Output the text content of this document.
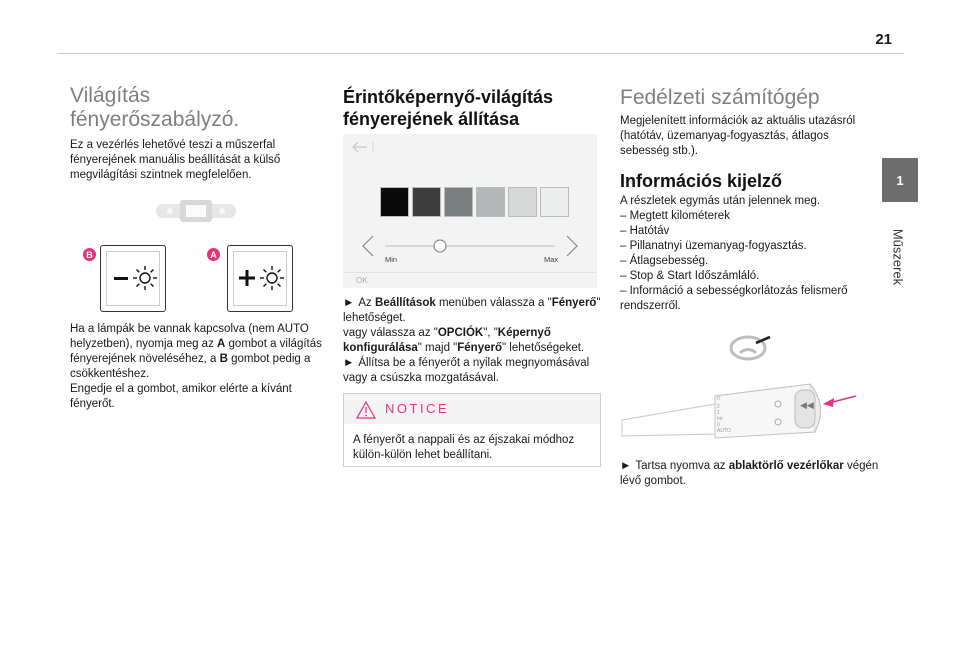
21
1
Műszerek
Világítás
fényerőszabályzó.

Ez a vezérlés lehetővé teszi a műszerfal fényerejének manuális beállítását a külső megvilágítási szintnek megfelelően.

B	A

Ha a lámpák be vannak kapcsolva (nem AUTO helyzetben), nyomja meg az A gombot a világítás fényerejének növeléséhez, a B gombot pedig a csökkentéshez.
Engedje el a gombot, amikor elérte a kívánt fényerőt.

Érintőképernyő-világítás
fényerejének állítása
Min	Max
OK

► Az Beállítások menüben válassza a "Fényerő" lehetőséget.
vagy válassza az "OPCIÓK", "Képernyő konfigurálása" majd "Fényerő" lehetőségeket.
► Állítsa be a fényerőt a nyilak megnyomásával vagy a csúszka mozgatásával.

NOTICE

A fényerőt a nappali és az éjszakai módhoz külön-külön lehet beállítani.

Fedélzeti számítógép

Megjelenített információk az aktuális utazásról (hatótáv, üzemanyag-fogyasztás, átlagos sebesség stb.).

Információs kijelző

A részletek egymás után jelennek meg.

– Megtett kilométerek

– Hatótáv

– Pillanatnyi üzemanyag-fogyasztás.

– Átlagsebesség.

– Stop & Start Időszámláló.

– Információ a sebességkorlátozás felismerő rendszerről.

◀◀
0
2
1
Int
0
AUTO

► Tartsa nyomva az ablaktörlő vezérlőkar végén lévő gombot.
